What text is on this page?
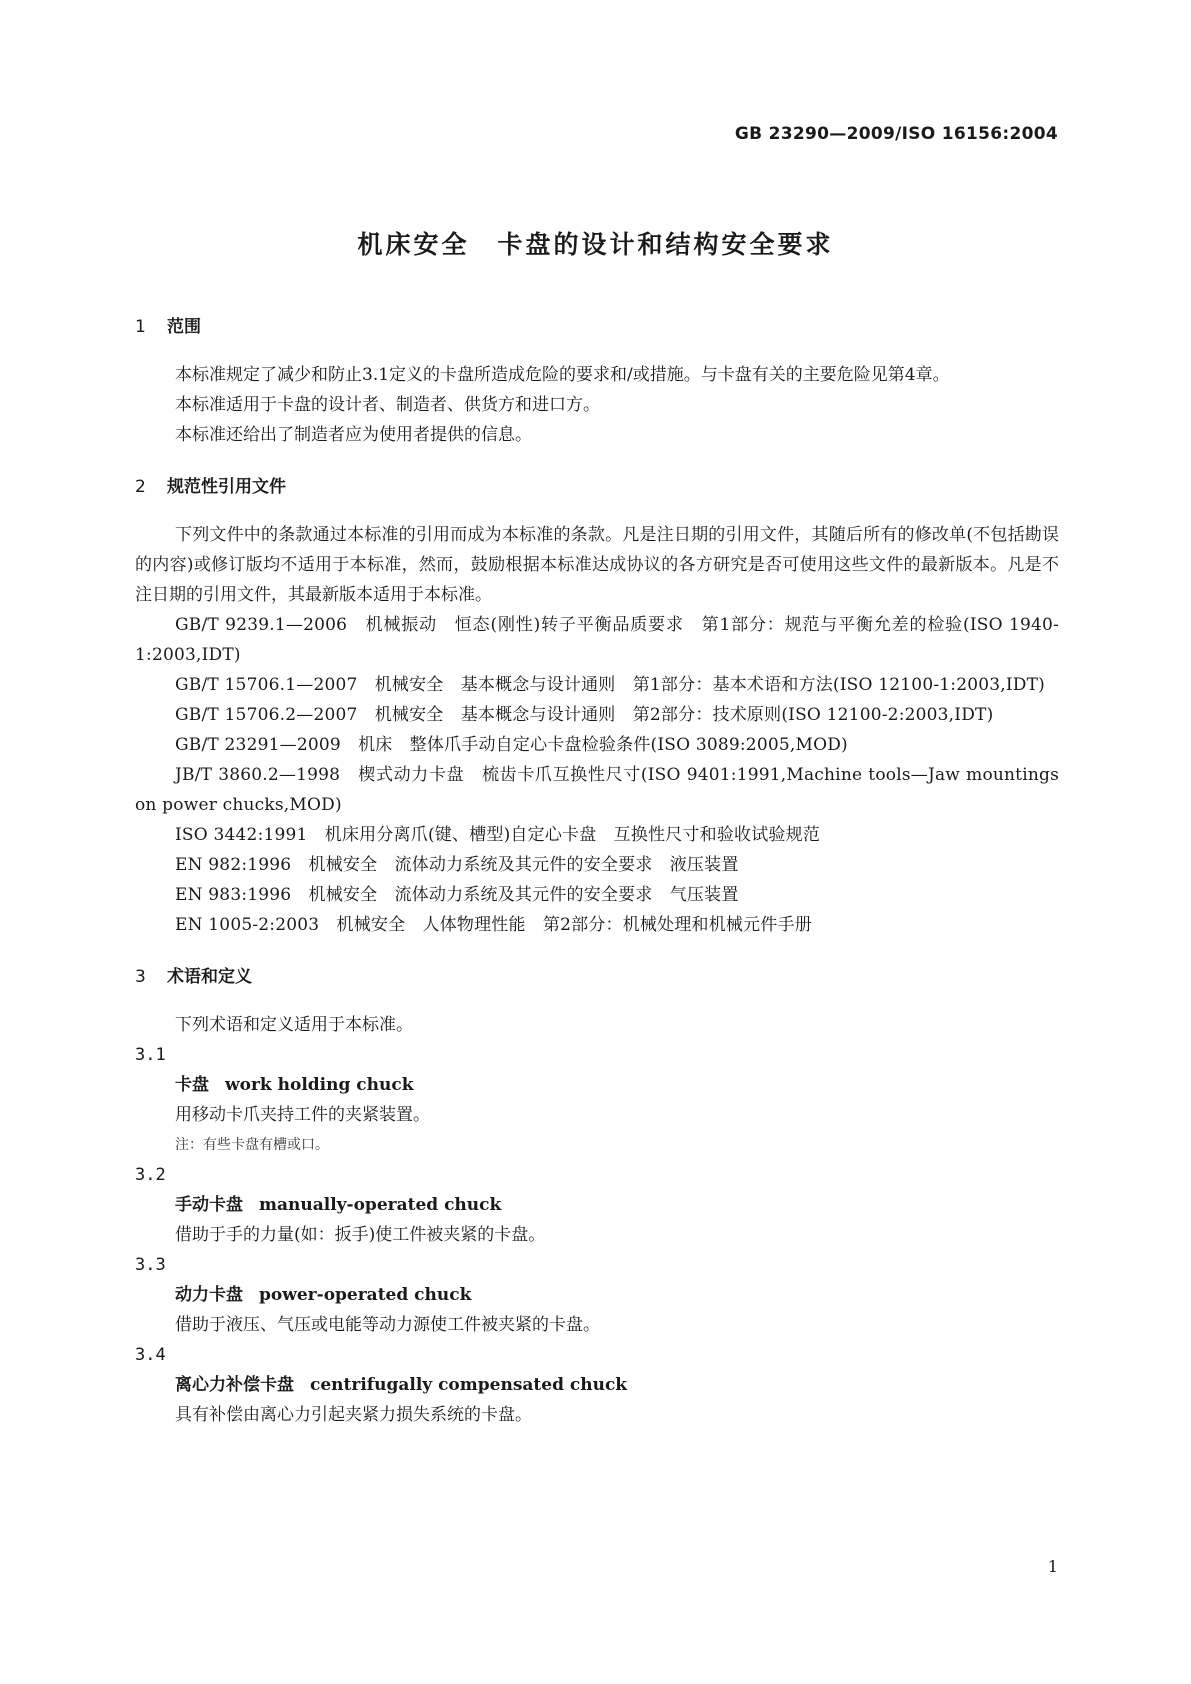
GB 23290—2009/ISO 16156:2004
机床安全　卡盘的设计和结构安全要求
1 范围

本标准规定了减少和防止3.1定义的卡盘所造成危险的要求和/或措施。与卡盘有关的主要危险见第4章。

本标准适用于卡盘的设计者、制造者、供货方和进口方。

本标准还给出了制造者应为使用者提供的信息。

2 规范性引用文件

下列文件中的条款通过本标准的引用而成为本标准的条款。凡是注日期的引用文件，其随后所有的修改单(不包括勘误的内容)或修订版均不适用于本标准，然而，鼓励根据本标准达成协议的各方研究是否可使用这些文件的最新版本。凡是不注日期的引用文件，其最新版本适用于本标准。

GB/T 9239.1—2006　机械振动　恒态(刚性)转子平衡品质要求　第1部分：规范与平衡允差的检验(ISO 1940-1:2003,IDT)

GB/T 15706.1—2007　机械安全　基本概念与设计通则　第1部分：基本术语和方法(ISO 12100-1:2003,IDT)

GB/T 15706.2—2007　机械安全　基本概念与设计通则　第2部分：技术原则(ISO 12100-2:2003,IDT)

GB/T 23291—2009　机床　整体爪手动自定心卡盘检验条件(ISO 3089:2005,MOD)

JB/T 3860.2—1998　楔式动力卡盘　梳齿卡爪互换性尺寸(ISO 9401:1991,Machine tools—Jaw mountings on power chucks,MOD)

ISO 3442:1991　机床用分离爪(键、槽型)自定心卡盘　互换性尺寸和验收试验规范

EN 982:1996　机械安全　流体动力系统及其元件的安全要求　液压装置

EN 983:1996　机械安全　流体动力系统及其元件的安全要求　气压装置

EN 1005-2:2003　机械安全　人体物理性能　第2部分：机械处理和机械元件手册

3 术语和定义

下列术语和定义适用于本标准。

3.1

卡盘 work holding chuck

用移动卡爪夹持工件的夹紧装置。

注：有些卡盘有槽或口。

3.2

手动卡盘 manually-operated chuck

借助于手的力量(如：扳手)使工件被夹紧的卡盘。

3.3

动力卡盘 power-operated chuck

借助于液压、气压或电能等动力源使工件被夹紧的卡盘。

3.4

离心力补偿卡盘 centrifugally compensated chuck

具有补偿由离心力引起夹紧力损失系统的卡盘。

1
